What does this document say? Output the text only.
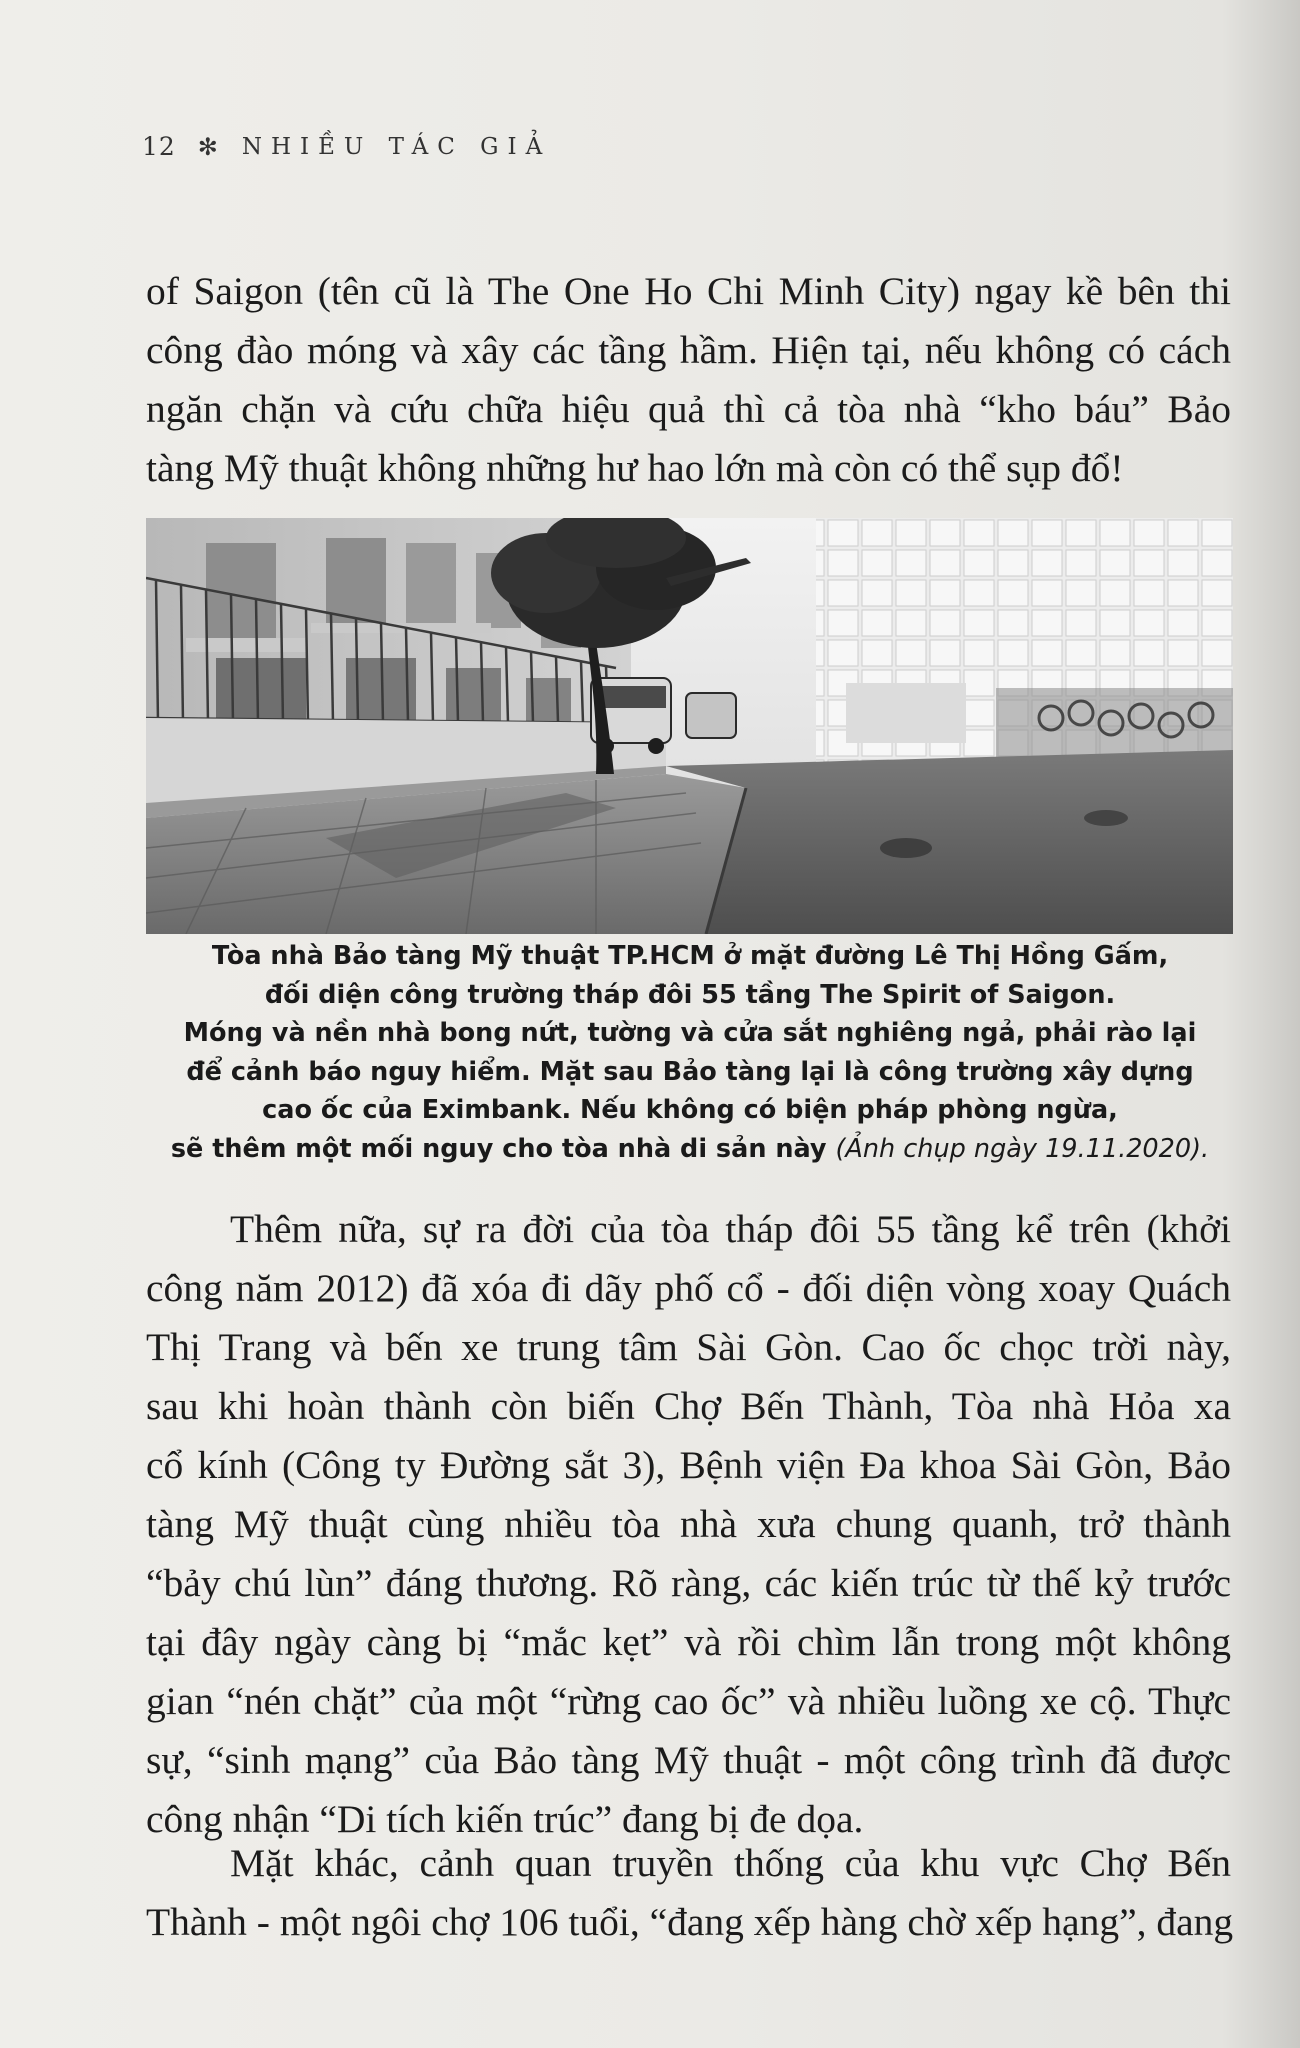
12 ✻ NHIỀU TÁC GIẢ

of Saigon (tên cũ là The One Ho Chi Minh City) ngay kề bên thi
công đào móng và xây các tầng hầm. Hiện tại, nếu không có cách
ngăn chặn và cứu chữa hiệu quả thì cả tòa nhà “kho báu” Bảo
tàng Mỹ thuật không những hư hao lớn mà còn có thể sụp đổ!

Tòa nhà Bảo tàng Mỹ thuật TP.HCM ở mặt đường Lê Thị Hồng Gấm,
đối diện công trường tháp đôi 55 tầng The Spirit of Saigon.
Móng và nền nhà bong nứt, tường và cửa sắt nghiêng ngả, phải rào lại
để cảnh báo nguy hiểm. Mặt sau Bảo tàng lại là công trường xây dựng
cao ốc của Eximbank. Nếu không có biện pháp phòng ngừa,
sẽ thêm một mối nguy cho tòa nhà di sản này (Ảnh chụp ngày 19.11.2020).

Thêm nữa, sự ra đời của tòa tháp đôi 55 tầng kể trên (khởi
công năm 2012) đã xóa đi dãy phố cổ - đối diện vòng xoay Quách
Thị Trang và bến xe trung tâm Sài Gòn. Cao ốc chọc trời này,
sau khi hoàn thành còn biến Chợ Bến Thành, Tòa nhà Hỏa xa
cổ kính (Công ty Đường sắt 3), Bệnh viện Đa khoa Sài Gòn, Bảo
tàng Mỹ thuật cùng nhiều tòa nhà xưa chung quanh, trở thành
“bảy chú lùn” đáng thương. Rõ ràng, các kiến trúc từ thế kỷ trước
tại đây ngày càng bị “mắc kẹt” và rồi chìm lẫn trong một không
gian “nén chặt” của một “rừng cao ốc” và nhiều luồng xe cộ. Thực
sự, “sinh mạng” của Bảo tàng Mỹ thuật - một công trình đã được
công nhận “Di tích kiến trúc” đang bị đe dọa.

Mặt khác, cảnh quan truyền thống của khu vực Chợ Bến
Thành - một ngôi chợ 106 tuổi, “đang xếp hàng chờ xếp hạng”, đang
